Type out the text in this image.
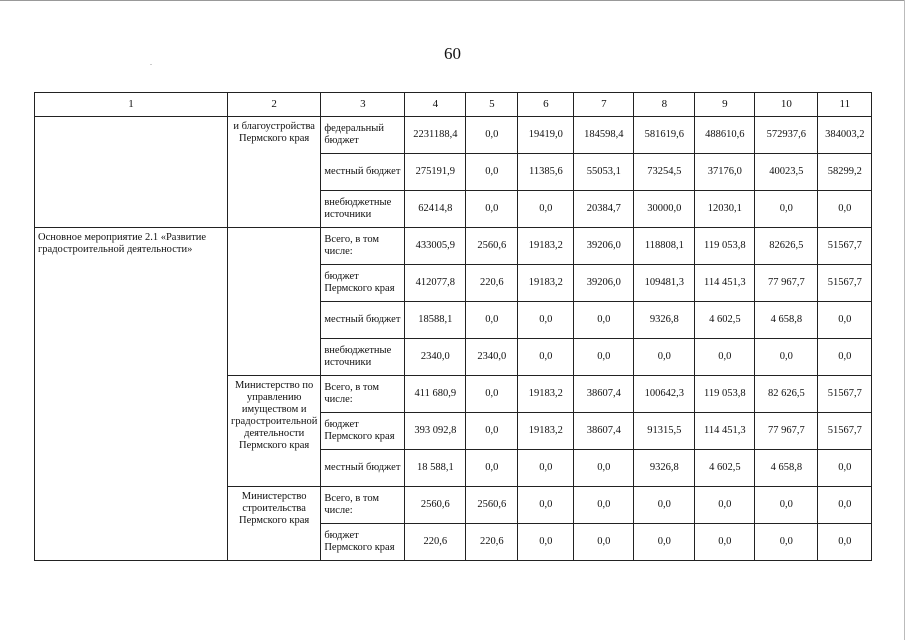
60
1	2	3	4	5	6	7	8	9	10	11
	и благоустройства Пермского края	федеральный бюджет	2231188,4	0,0	19419,0	184598,4	581619,6	488610,6	572937,6	384003,2
		местный бюджет	275191,9	0,0	11385,6	55053,1	73254,5	37176,0	40023,5	58299,2
		внебюджетные источники	62414,8	0,0	0,0	20384,7	30000,0	12030,1	0,0	0,0
Основное мероприятие 2.1 «Развитие градостроительной деятельности»		Всего, в том числе:	433005,9	2560,6	19183,2	39206,0	118808,1	119 053,8	82626,5	51567,7
		бюджет Пермского края	412077,8	220,6	19183,2	39206,0	109481,3	114 451,3	77 967,7	51567,7
		местный бюджет	18588,1	0,0	0,0	0,0	9326,8	4 602,5	4 658,8	0,0
		внебюджетные источники	2340,0	2340,0	0,0	0,0	0,0	0,0	0,0	0,0
	Министерство по управлению имуществом и градостроительной деятельности Пермского края	Всего, в том числе:	411 680,9	0,0	19183,2	38607,4	100642,3	119 053,8	82 626,5	51567,7
		бюджет Пермского края	393 092,8	0,0	19183,2	38607,4	91315,5	114 451,3	77 967,7	51567,7
		местный бюджет	18 588,1	0,0	0,0	0,0	9326,8	4 602,5	4 658,8	0,0
	Министерство строительства Пермского края	Всего, в том числе:	2560,6	2560,6	0,0	0,0	0,0	0,0	0,0	0,0
		бюджет Пермского края	220,6	220,6	0,0	0,0	0,0	0,0	0,0	0,0
